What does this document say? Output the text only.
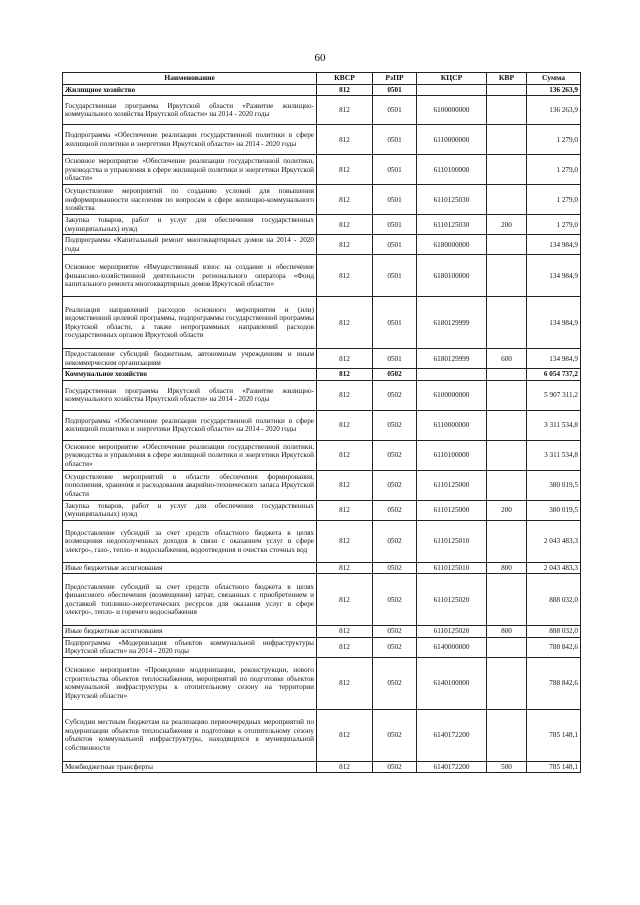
60
Наименование	КВСР	РзПР	КЦСР	КВР	Сумма
Жилищное хозяйство	812	0501			136 263,9
Государственная программа Иркутской области «Развитие жилищно-коммунального хозяйства Иркутской области» на 2014 - 2020 годы	812	0501	6100000000		136 263,9
Подпрограмма «Обеспечение реализации государственной политики в сфере жилищной политики и энергетики Иркутской области» на 2014 - 2020 годы	812	0501	6110000000		1 279,0
Основное мероприятие «Обеспечение реализации государственной политики, руководства и управления в сфере жилищной политики и энергетики Иркутской области»	812	0501	6110100000		1 279,0
Осуществление мероприятий по созданию условий для повышения информированности населения по вопросам в сфере жилищно-коммунального хозяйства	812	0501	6110125030		1 279,0
Закупка товаров, работ и услуг для обеспечения государственных (муниципальных) нужд	812	0501	6110125030	200	1 279,0
Подпрограмма «Капитальный ремонт многоквартирных домов на 2014 - 2020 годы	812	0501	6180000000		134 984,9
Основное мероприятие «Имущественный взнос на создание и обеспечение финансово-хозяйственной деятельности регионального оператора «Фонд капитального ремонта многоквартирных домов Иркутской области»	812	0501	6180100000		134 984,9
Реализация направлений расходов основного мероприятия и (или) ведомственной целевой программы, подпрограммы государственной программы Иркутской области, а также непрограммных направлений расходов государственных органов Иркутской области	812	0501	6180129999		134 984,9
Предоставление субсидий бюджетным, автономным учреждениям и иным некоммерческим организациям	812	0501	6180129999	600	134 984,9
Коммунальное хозяйство	812	0502			6 054 737,2
Государственная программа Иркутской области «Развитие жилищно-коммунального хозяйства Иркутской области» на 2014 - 2020 годы	812	0502	6100000000		5 907 311,2
Подпрограмма «Обеспечение реализации государственной политики в сфере жилищной политики и энергетики Иркутской области» на 2014 - 2020 годы	812	0502	6110000000		3 311 534,8
Основное мероприятие «Обеспечение реализации государственной политики, руководства и управления в сфере жилищной политики и энергетики Иркутской области»	812	0502	6110100000		3 311 534,8
Осуществление мероприятий в области обеспечения формирования, пополнения, хранения и расходования аварийно-технического запаса Иркутской области	812	0502	6110125000		380 019,5
Закупка товаров, работ и услуг для обеспечения государственных (муниципальных) нужд	812	0502	6110125000	200	380 019,5
Предоставление субсидий за счет средств областного бюджета в целях возмещения недополученных доходов в связи с оказанием услуг в сфере электро-, газо-, тепло- и водоснабжения, водоотведения и очистки сточных вод	812	0502	6110125010		2 043 483,3
Иные бюджетные ассигнования	812	0502	6110125010	800	2 043 483,3
Предоставление субсидий за счет средств областного бюджета в целях финансового обеспечения (возмещения) затрат, связанных с приобретением и доставкой топливно-энергетических ресурсов для оказания услуг в сфере электро-, тепло- и горячего водоснабжения	812	0502	6110125020		888 032,0
Иные бюджетные ассигнования	812	0502	6110125020	800	888 032,0
Подпрограмма «Модернизация объектов коммунальной инфраструктуры Иркутской области» на 2014 - 2020 годы	812	0502	6140000000		788 842,6
Основное мероприятие «Проведение модернизации, реконструкции, нового строительства объектов теплоснабжения, мероприятий по подготовке объектов коммунальной инфраструктуры к отопительному сезону на территории Иркутской области»	812	0502	6140100000		788 842,6
Субсидии местным бюджетам на реализацию первоочередных мероприятий по модернизации объектов теплоснабжения и подготовке к отопительному сезону объектов коммунальной инфраструктуры, находящихся в муниципальной собственности	812	0502	6140172200		785 148,1
Межбюджетные трансферты	812	0502	6140172200	500	785 148,1
